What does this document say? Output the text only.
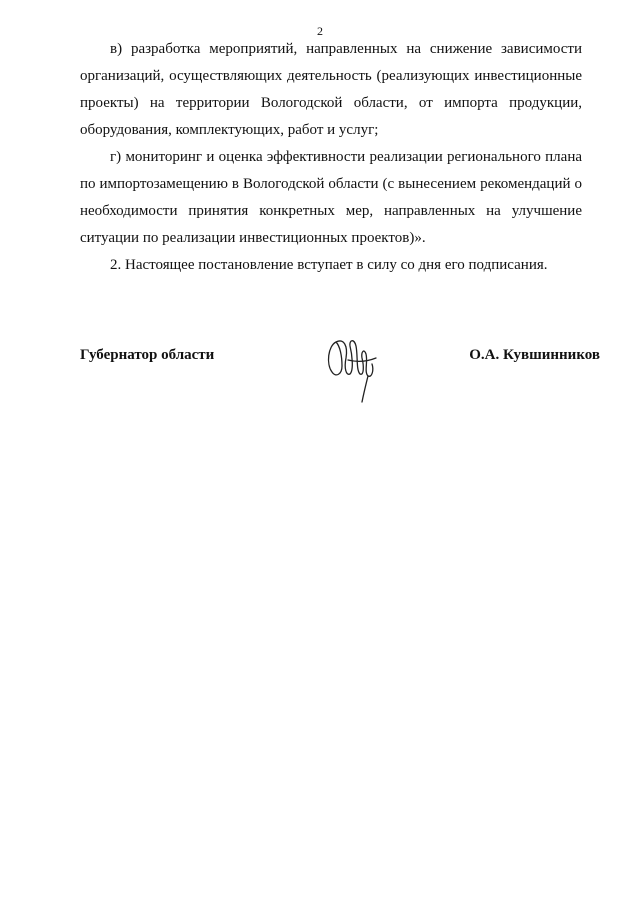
2

в) разработка мероприятий, направленных на снижение зависимости организаций, осуществляющих деятельность (реализующих инвестиционные проекты) на территории Вологодской области, от импорта продукции, оборудования, комплектующих, работ и услуг;

г) мониторинг и оценка эффективности реализации регионального плана по импортозамещению в Вологодской области (с вынесением рекомендаций о необходимости принятия конкретных мер, направленных на улучшение ситуации по реализации инвестиционных проектов)».

2. Настоящее постановление вступает в силу со дня его подписания.

Губернатор области	О.А. Кувшинников
